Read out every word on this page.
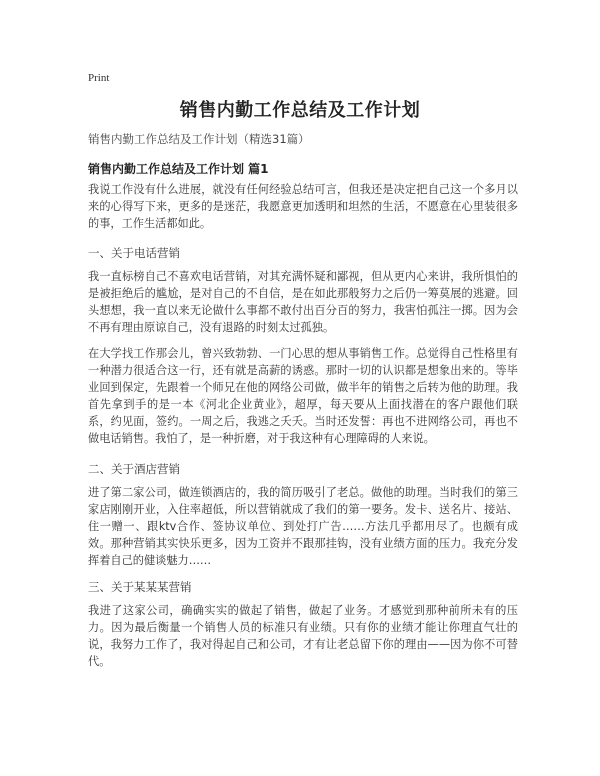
Print
销售内勤工作总结及工作计划
销售内勤工作总结及工作计划（精选31篇）
销售内勤工作总结及工作计划 篇1
我说工作没有什么进展，就没有任何经验总结可言，但我还是决定把自己这一个多月以来的心得写下来，更多的是迷茫，我愿意更加透明和坦然的生活，不愿意在心里装很多的事，工作生活都如此。
一、关于电话营销
我一直标榜自己不喜欢电话营销，对其充满怀疑和鄙视，但从更内心来讲，我所惧怕的是被拒绝后的尴尬，是对自己的不自信，是在如此那般努力之后仍一筹莫展的逃避。回头想想，我一直以来无论做什么事都不敢付出百分百的努力，我害怕孤注一掷。因为会不再有理由原谅自己，没有退路的时刻太过孤独。
在大学找工作那会儿，曾兴致勃勃、一门心思的想从事销售工作。总觉得自己性格里有一种潜力很适合这一行，还有就是高薪的诱惑。那时一切的认识都是想象出来的。等毕业回到保定，先跟着一个师兄在他的网络公司做，做半年的销售之后转为他的助理。我首先拿到手的是一本《河北企业黄业》，超厚，每天要从上面找潜在的客户跟他们联系，约见面，签约。一周之后，我逃之夭夭。当时还发誓：再也不进网络公司，再也不做电话销售。我怕了，是一种折磨，对于我这种有心理障碍的人来说。
二、关于酒店营销
进了第二家公司，做连锁酒店的，我的简历吸引了老总。做他的助理。当时我们的第三家店刚刚开业，入住率超低，所以营销就成了我们的第一要务。发卡、送名片、接站、住一赠一、跟ktv合作、签协议单位、到处打广告……方法几乎都用尽了。也颇有成效。那种营销其实快乐更多，因为工资并不跟那挂钩，没有业绩方面的压力。我充分发挥着自己的健谈魅力……
三、关于某某某营销
我进了这家公司，确确实实的做起了销售，做起了业务。才感觉到那种前所未有的压力。因为最后衡量一个销售人员的标准只有业绩。只有你的业绩才能让你理直气壮的说，我努力工作了，我对得起自己和公司，才有让老总留下你的理由——因为你不可替代。
